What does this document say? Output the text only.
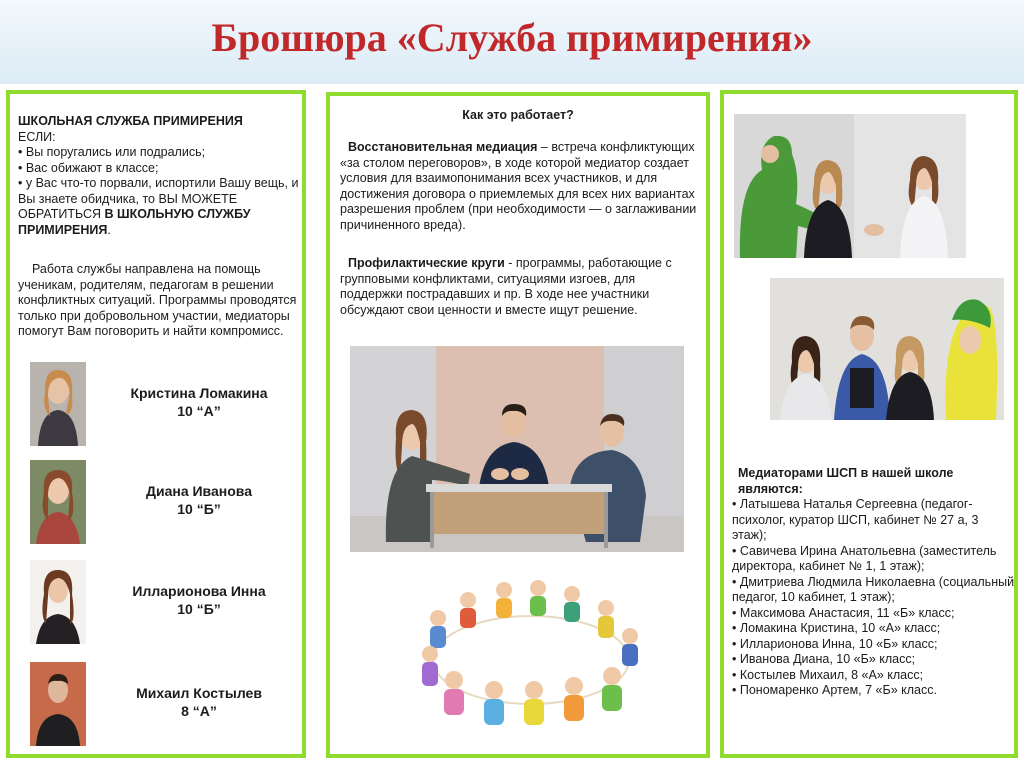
Брошюра «Служба примирения»
ШКОЛЬНАЯ СЛУЖБА ПРИМИРЕНИЯ
ЕСЛИ:
• Вы поругались или подрались;
• Вас обижают в классе;
• у Вас что-то порвали, испортили Вашу вещь, и Вы знаете обидчика, то ВЫ МОЖЕТЕ ОБРАТИТЬСЯ В ШКОЛЬНУЮ СЛУЖБУ ПРИМИРЕНИЯ.
Работа службы направлена на помощь ученикам, родителям, педагогам в решении конфликтных ситуаций. Программы проводятся только при добровольном участии, медиаторы помогут Вам поговорить и найти компромисс.
Кристина Ломакина
10 “А”
Диана Иванова
10 “Б”
Илларионова Инна
10 “Б”
Михаил Костылев
8 “А”
Как это работает?
Восстановительная медиация – встреча конфликтующих «за столом переговоров», в ходе которой медиатор создает условия для взаимопонимания всех участников, и для достижения договора о приемлемых для всех них вариантах разрешения проблем (при необходимости — о заглаживании причиненного вреда).
Профилактические круги - программы, работающие с групповыми конфликтами, ситуациями изгоев, для поддержки пострадавших и пр. В ходе нее участники обсуждают свои ценности и вместе ищут решение.
Медиаторами ШСП в нашей школе являются:
• Латышева Наталья Сергеевна (педагог-психолог, куратор ШСП, кабинет № 27 а, 3 этаж);
• Савичева Ирина Анатольевна (заместитель директора, кабинет № 1, 1 этаж);
• Дмитриева Людмила Николаевна (социальный педагог, 10 кабинет, 1 этаж);
• Максимова Анастасия, 11 «Б» класс;
• Ломакина Кристина, 10 «А» класс;
• Илларионова Инна, 10 «Б» класс;
• Иванова Диана, 10 «Б» класс;
• Костылев Михаил, 8 «А» класс;
• Пономаренко Артем, 7 «Б» класс.
